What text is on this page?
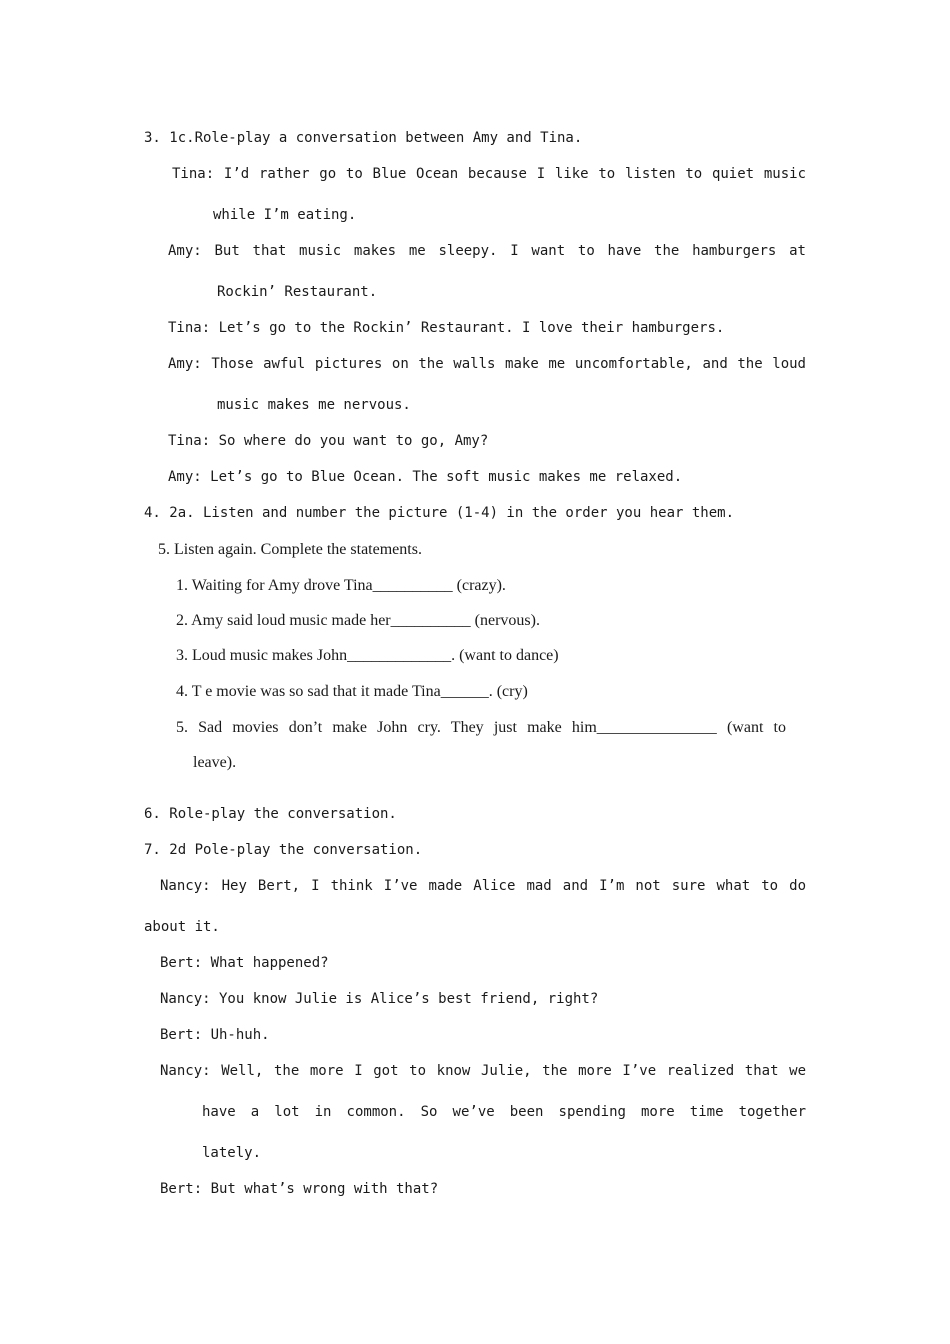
3. 1c.Role-play a conversation between Amy and Tina.
Tina: I’d rather go to Blue Ocean because I like to listen to quiet music
while I’m eating.
Amy: But that music makes me sleepy. I want to have the hamburgers at
Rockin’ Restaurant.
Tina: Let’s go to the Rockin’ Restaurant. I love their hamburgers.
Amy: Those awful pictures on the walls make me uncomfortable, and the loud
music makes me nervous.
Tina: So where do you want to go, Amy?
Amy: Let’s go to Blue Ocean. The soft music makes me relaxed.
4. 2a. Listen and number the picture (1-4) in the order you hear them.
5. Listen again. Complete the statements.
1. Waiting for Amy drove Tina__________ (crazy).
2. Amy said loud music made her__________ (nervous).
3. Loud music makes John_____________. (want to dance)
4. T e movie was so sad that it made Tina______. (cry)
5. Sad movies don’t make John cry. They just make him_______________ (want to
leave).
6. Role-play the conversation.
7. 2d Pole-play the conversation.
Nancy: Hey Bert, I think I’ve made Alice mad and I’m not sure what to do
about it.
Bert: What happened?
Nancy: You know Julie is Alice’s best friend, right?
Bert: Uh-huh.
Nancy: Well, the more I got to know Julie, the more I’ve realized that we
have a lot in common. So we’ve been spending more time together
lately.
Bert: But what’s wrong with that?
